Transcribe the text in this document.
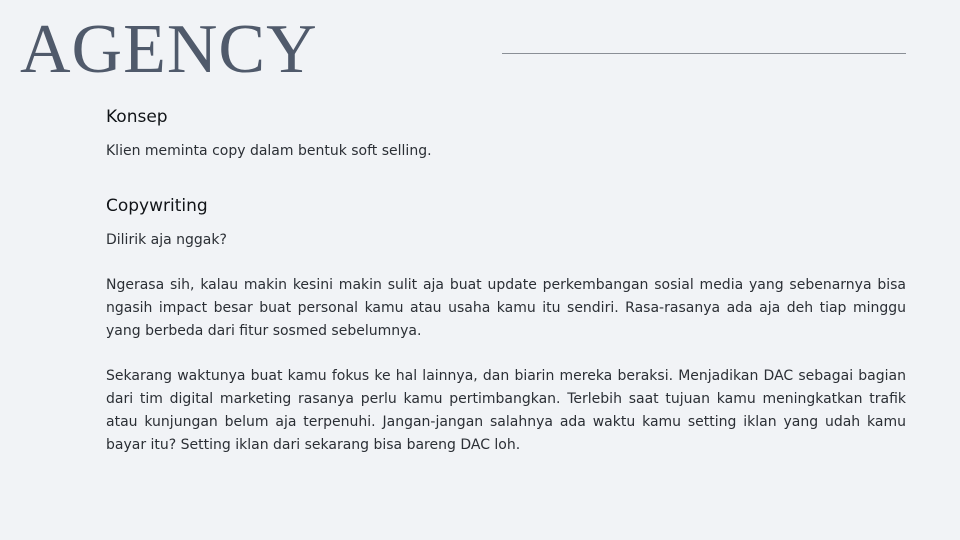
AGENCY
Konsep

Klien meminta copy dalam bentuk soft selling.

Copywriting

Dilirik aja nggak?

Ngerasa sih, kalau makin kesini makin sulit aja buat update perkembangan sosial media yang sebenarnya bisa ngasih impact besar buat personal kamu atau usaha kamu itu sendiri. Rasa-rasanya ada aja deh tiap minggu yang berbeda dari fitur sosmed sebelumnya.

Sekarang waktunya buat kamu fokus ke hal lainnya, dan biarin mereka beraksi. Menjadikan DAC sebagai bagian dari tim digital marketing rasanya perlu kamu pertimbangkan. Terlebih saat tujuan kamu meningkatkan trafik atau kunjungan belum aja terpenuhi. Jangan-jangan salahnya ada waktu kamu setting iklan yang udah kamu bayar itu? Setting iklan dari sekarang bisa bareng DAC loh.
